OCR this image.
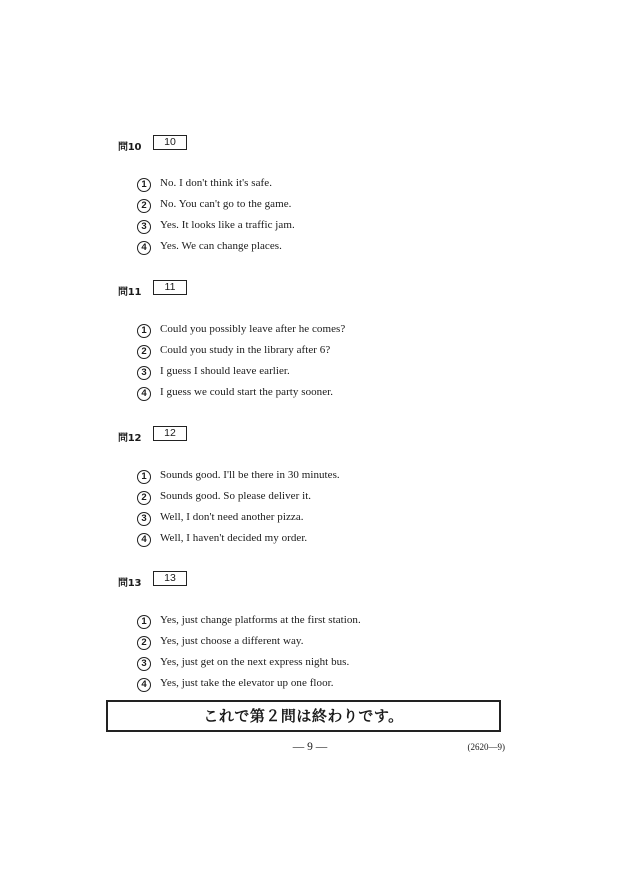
問10	10
1	No. I don't think it's safe.
2	No. You can't go to the game.
3	Yes. It looks like a traffic jam.
4	Yes. We can change places.
問11	11
1	Could you possibly leave after he comes?
2	Could you study in the library after 6?
3	I guess I should leave earlier.
4	I guess we could start the party sooner.
問12	12
1	Sounds good. I'll be there in 30 minutes.
2	Sounds good. So please deliver it.
3	Well, I don't need another pizza.
4	Well, I haven't decided my order.
問13	13
1	Yes, just change platforms at the first station.
2	Yes, just choose a different way.
3	Yes, just get on the next express night bus.
4	Yes, just take the elevator up one floor.
これで第２問は終わりです。
— 9 —	(2620—9)
